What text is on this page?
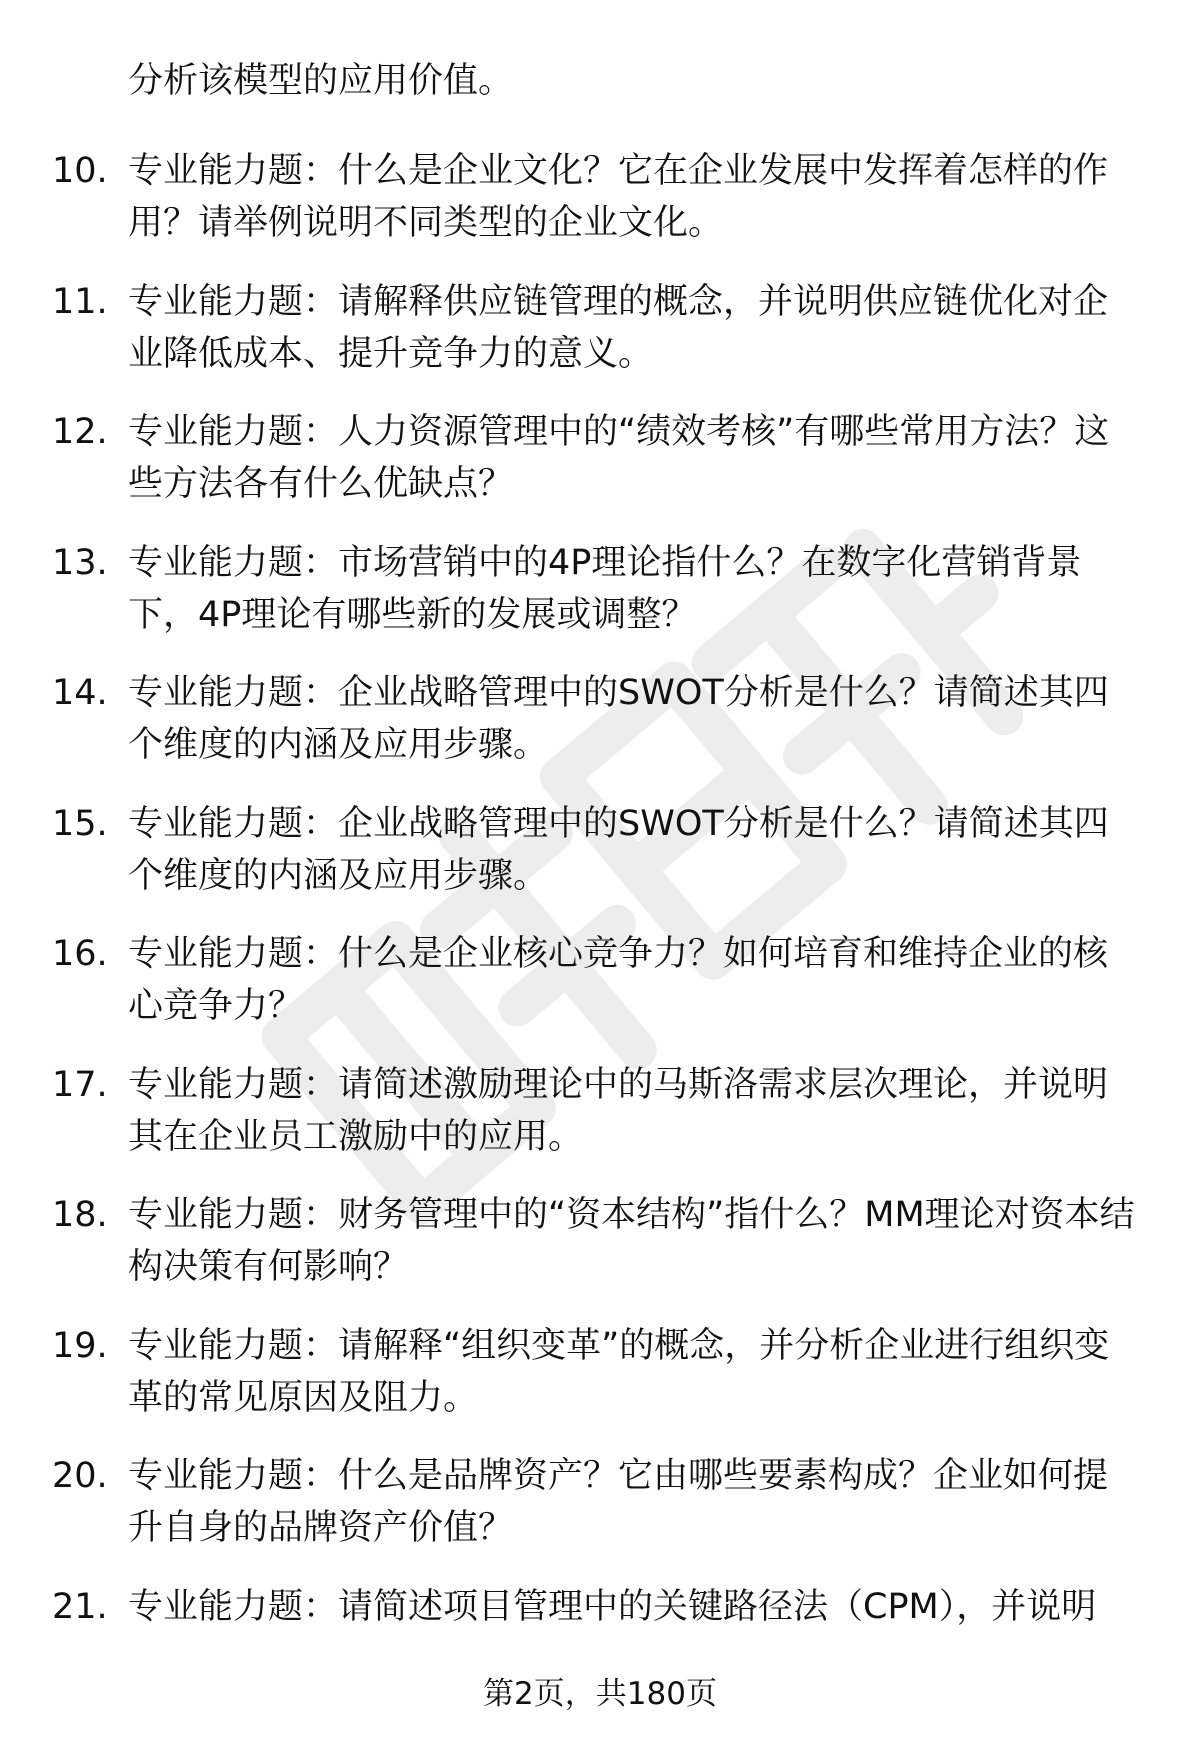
分析该模型的应用价值。
10. 专业能力题：什么是企业文化？它在企业发展中发挥着怎样的作用？请举例说明不同类型的企业文化。
11. 专业能力题：请解释供应链管理的概念，并说明供应链优化对企业降低成本、提升竞争力的意义。
12. 专业能力题：人力资源管理中的“绩效考核”有哪些常用方法？这些方法各有什么优缺点？
13. 专业能力题：市场营销中的4P理论指什么？在数字化营销背景下，4P理论有哪些新的发展或调整？
14. 专业能力题：企业战略管理中的SWOT分析是什么？请简述其四个维度的内涵及应用步骤。
15. 专业能力题：企业战略管理中的SWOT分析是什么？请简述其四个维度的内涵及应用步骤。
16. 专业能力题：什么是企业核心竞争力？如何培育和维持企业的核心竞争力？
17. 专业能力题：请简述激励理论中的马斯洛需求层次理论，并说明其在企业员工激励中的应用。
18. 专业能力题：财务管理中的“资本结构”指什么？MM理论对资本结构决策有何影响？
19. 专业能力题：请解释“组织变革”的概念，并分析企业进行组织变革的常见原因及阻力。
20. 专业能力题：什么是品牌资产？它由哪些要素构成？企业如何提升自身的品牌资产价值？
21. 专业能力题：请简述项目管理中的关键路径法（CPM），并说明
第2页，共180页
